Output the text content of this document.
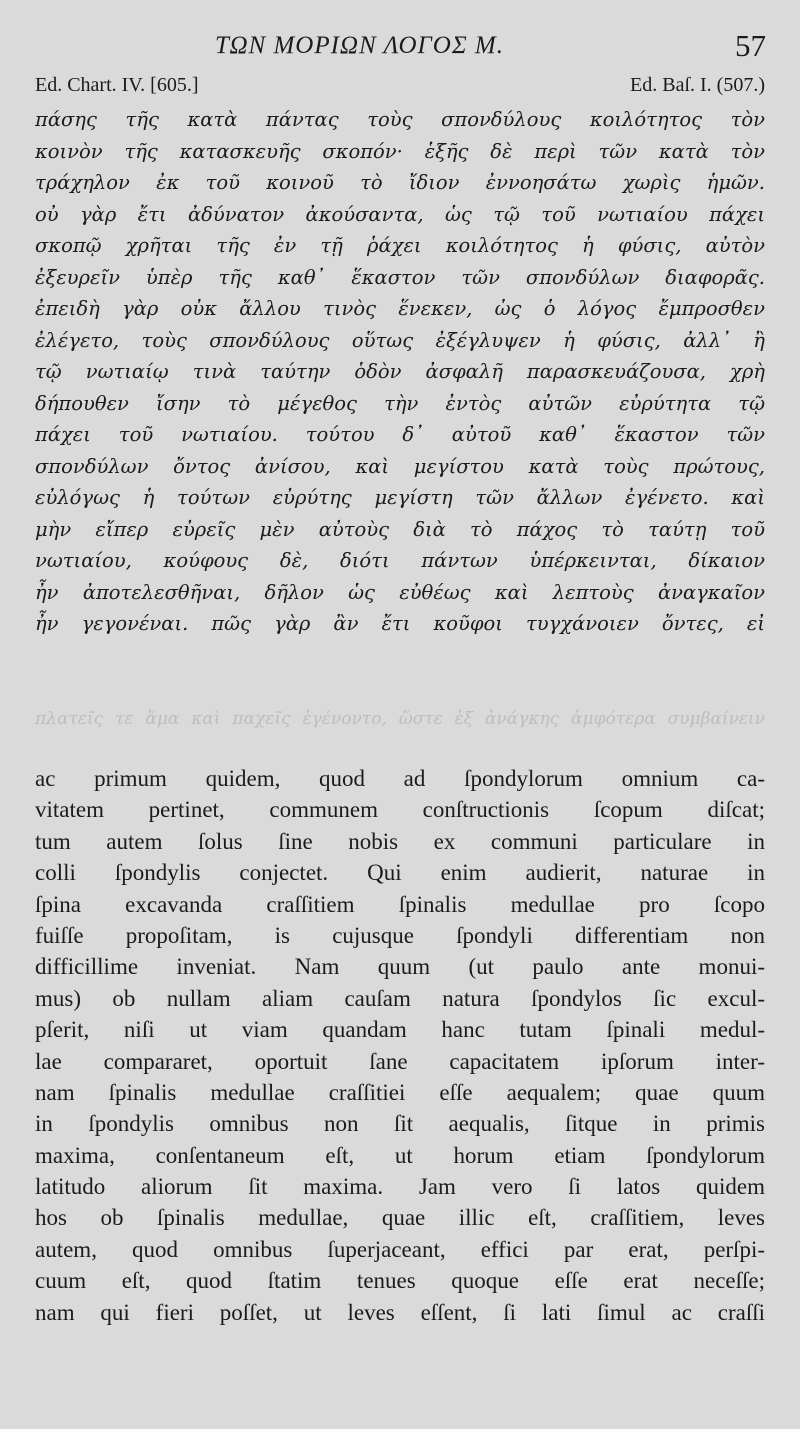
ΤΩΝ ΜΟΡΙΩΝ ΛΟΓΟΣ Μ.	57
Ed. Chart. IV. [605.]	Ed. Baſ. I. (507.)
πάσης τῆς κατὰ πάντας τοὺς σπονδύλους κοιλότητος τὸν
κοινὸν τῆς κατασκευῆς σκοπόν· ἑξῆς δὲ περὶ τῶν κατὰ τὸν
τράχηλον ἐκ τοῦ κοινοῦ τὸ ἴδιον ἐννοησάτω χωρὶς ἡμῶν.
οὐ γὰρ ἔτι ἀδύνατον ἀκούσαντα, ὡς τῷ τοῦ νωτιαίου πάχει
σκοπῷ χρῆται τῆς ἐν τῇ ῥάχει κοιλότητος ἡ φύσις, αὐτὸν
ἐξευρεῖν ὑπὲρ τῆς καθ᾽ ἕκαστον τῶν σπονδύλων διαφορᾶς.
ἐπειδὴ γὰρ οὐκ ἄλλου τινὸς ἕνεκεν, ὡς ὁ λόγος ἔμπροσθεν
ἐλέγετο, τοὺς σπονδύλους οὕτως ἐξέγλυψεν ἡ φύσις, ἀλλ᾽ ἢ
τῷ νωτιαίῳ τινὰ ταύτην ὁδὸν ἀσφαλῆ παρασκευάζουσα, χρὴ
δήπουθεν ἴσην τὸ μέγεθος τὴν ἐντὸς αὐτῶν εὐρύτητα τῷ
πάχει τοῦ νωτιαίου. τούτου δ᾽ αὐτοῦ καθ᾽ ἕκαστον τῶν
σπονδύλων ὄντος ἀνίσου, καὶ μεγίστου κατὰ τοὺς πρώτους,
εὐλόγως ἡ τούτων εὐρύτης μεγίστη τῶν ἄλλων ἐγένετο. καὶ
μὴν εἴπερ εὐρεῖς μὲν αὐτοὺς διὰ τὸ πάχος τὸ ταύτῃ τοῦ
νωτιαίου, κούφους δὲ, διότι πάντων ὑπέρκεινται, δίκαιον
ἦν ἀποτελεσθῆναι, δῆλον ὡς εὐθέως καὶ λεπτοὺς ἀναγκαῖον
ἦν γεγονέναι. πῶς γὰρ ἂν ἔτι κοῦφοι τυγχάνοιεν ὄντες, εἰ
πλατεῖς τε ἅμα καὶ παχεῖς ἐγένοντο, ὥστε ἐξ ἀνάγκης ἀμφότερα συμβαίνειν
ac primum quidem, quod ad ſpondylorum omnium ca-
vitatem pertinet, communem conſtructionis ſcopum diſcat;
tum autem ſolus ſine nobis ex communi particulare in
colli ſpondylis conjectet. Qui enim audierit, naturae in
ſpina excavanda craſſitiem ſpinalis medullae pro ſcopo
fuiſſe propoſitam, is cujusque ſpondyli differentiam non
difficillime inveniat. Nam quum (ut paulo ante monui-
mus) ob nullam aliam cauſam natura ſpondylos ſic excul-
pſerit, niſi ut viam quandam hanc tutam ſpinali medul-
lae compararet, oportuit ſane capacitatem ipſorum inter-
nam ſpinalis medullae craſſitiei eſſe aequalem; quae quum
in ſpondylis omnibus non ſit aequalis, ſitque in primis
maxima, conſentaneum eſt, ut horum etiam ſpondylorum
latitudo aliorum ſit maxima. Jam vero ſi latos quidem
hos ob ſpinalis medullae, quae illic eſt, craſſitiem, leves
autem, quod omnibus ſuperjaceant, effici par erat, perſpi-
cuum eſt, quod ſtatim tenues quoque eſſe erat neceſſe;
nam qui fieri poſſet, ut leves eſſent, ſi lati ſimul ac craſſi
